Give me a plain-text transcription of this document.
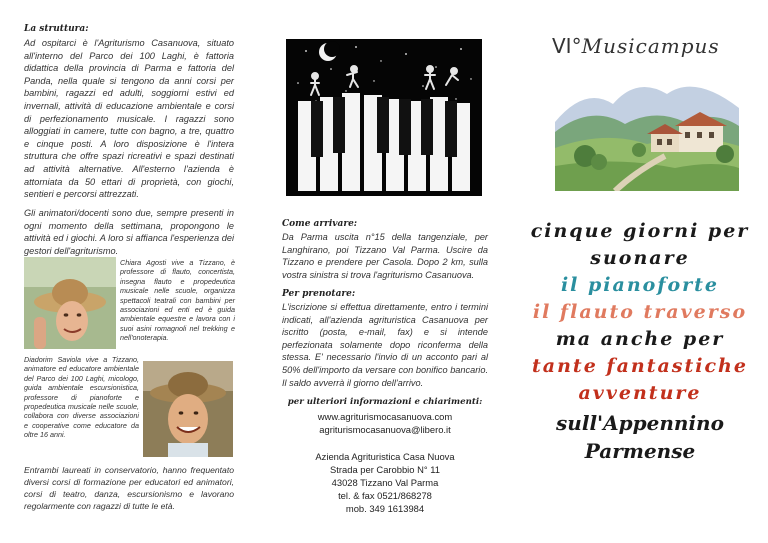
La struttura:
Ad ospitarci è l'Agriturismo Casanuova, situato all'interno del Parco dei 100 Laghi, è fattoria didattica della provincia di Parma e fattoria del Panda, nella quale si tengono da anni corsi per bambini, ragazzi ed adulti, soggiorni estivi ed invernali, attività di educazione ambientale e corsi di perfezionamento musicale. I ragazzi sono alloggiati in camere, tutte con bagno, a tre, quattro e cinque posti. A loro disposizione è l'intera struttura che offre spazi ricreativi e spazi destinati ad attività alternative. All'esterno l'azienda è attorniata da 50 ettari di proprietà, con giochi, sentieri e percorsi attrezzati.
Gli animatori/docenti sono due, sempre presenti in ogni momento della settimana, propongono le attività ed i giochi. A loro si affianca l'esperienza dei gestori dell'agriturismo.
Chiara Agosti vive a Tizzano, è professore di flauto, concertista, insegna flauto e propedeutica musicale nelle scuole, organizza spettacoli teatrali con bambini per associazioni ed enti ed è guida ambientale equestre e lavora con i suoi asini romagnoli nel trekking e nell'onoterapia.
Diadorim Saviola vive a Tizzano, animatore ed educatore ambientale del Parco dei 100 Laghi, micologo, guida ambientale escursionistica, professore di pianoforte e propedeutica musicale nelle scuole, collabora con diverse associazioni e cooperative come educatore da oltre 16 anni.
Entrambi laureati in conservatorio, hanno frequentato diversi corsi di formazione per educatori ed animatori, corsi di teatro, danza, escursionismo e lavorano regolarmente con ragazzi di tutte le età.
Come arrivare:
Da Parma uscita n°15 della tangenziale, per Langhirano, poi Tizzano Val Parma. Uscire da Tizzano e prendere per Casola. Dopo 2 km, sulla vostra sinistra si trova l'agriturismo Casanuova.
Per prenotare:
L'iscrizione si effettua direttamente, entro i termini indicati, all'azienda agrituristica Casanuova per iscritto (posta, e-mail, fax) e si intende perfezionata solamente dopo riconferma della stessa. E' necessario l'invio di un acconto pari al 50% dell'importo da versare con bonifico bancario. Il saldo avverrà il giorno dell'arrivo.
per ulteriori informazioni e chiarimenti:
www.agriturismocasanuova.com
agriturismocasanuova@libero.it
Azienda Agrituristica Casa Nuova
Strada per Carobbio N° 11
43028 Tizzano Val Parma
tel. & fax 0521/868278
mob. 349 1613984
VI°Musicampus
cinque giorni per
suonare
il pianoforte
il flauto traverso
ma anche per
tante fantastiche
avventure
sull'Appennino
Parmense
